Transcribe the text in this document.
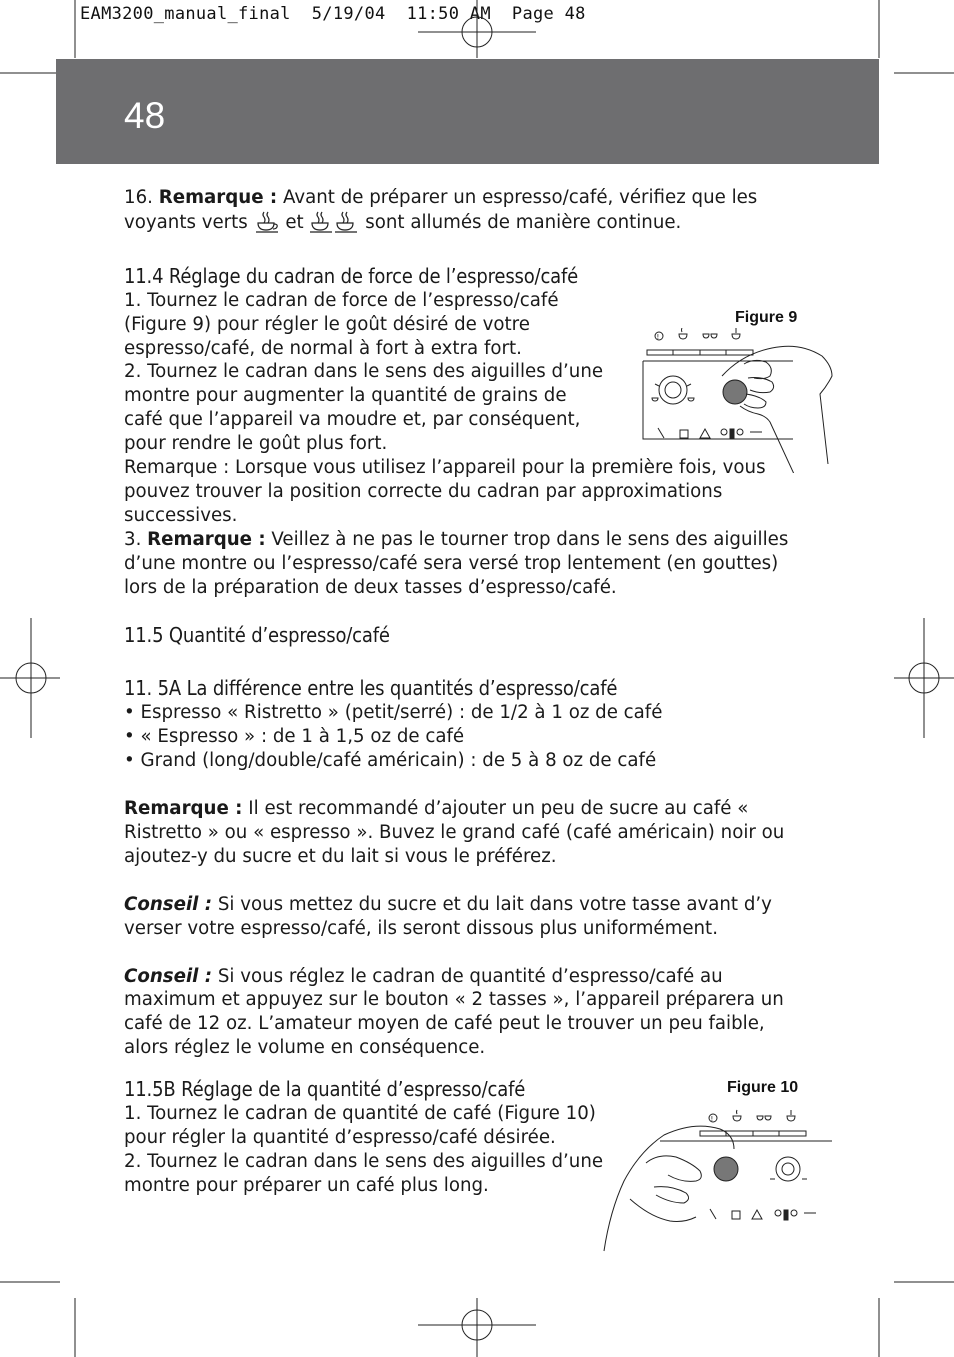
EAM3200_manual_final  5/19/04  11:50 AM  Page 48
48

16. Remarque : Avant de préparer un espresso/café, vérifiez que les voyants verts et	sont allumés de manière continue.

11.4 Réglage du cadran de force de l’espresso/café

1. Tournez le cadran de force de l’espresso/café (Figure 9) pour régler le goût désiré de votre espresso/café, de normal à fort à extra fort.

2. Tournez le cadran dans le sens des aiguilles d’une montre pour augmenter la quantité de grains de café que l’appareil va moudre et, par conséquent, pour rendre le goût plus fort.

Remarque : Lorsque vous utilisez l’appareil pour la première fois, vous pouvez trouver la position correcte du cadran par approximations successives.

3. Remarque : Veillez à ne pas le tourner trop dans le sens des aiguilles d’une montre ou l’espresso/café sera versé trop lentement (en gouttes) lors de la préparation de deux tasses d’espresso/café.

11.5 Quantité d’espresso/café
11. 5A La différence entre les quantités d’espresso/café

• Espresso « Ristretto » (petit/serré) : de 1/2 à 1 oz de café

• « Espresso » : de 1 à 1,5 oz de café

• Grand (long/double/café américain) : de 5 à 8 oz de café

Remarque : Il est recommandé d’ajouter un peu de sucre au café « Ristretto » ou « espresso ». Buvez le grand café (café américain) noir ou ajoutez-y du sucre et du lait si vous le préférez.

Conseil : Si vous mettez du sucre et du lait dans votre tasse avant d’y verser votre espresso/café, ils seront dissous plus uniformément.

Conseil : Si vous réglez le cadran de quantité d’espresso/café au maximum et appuyez sur le bouton « 2 tasses », l’appareil préparera un café de 12 oz. L’amateur moyen de café peut le trouver un peu faible, alors réglez le volume en conséquence.

11.5B Réglage de la quantité d’espresso/café

1. Tournez le cadran de quantité de café (Figure 10) pour régler la quantité d’espresso/café désirée.

2. Tournez le cadran dans le sens des aiguilles d’une montre pour préparer un café plus long.

Figure 9
!
Figure 10
!
